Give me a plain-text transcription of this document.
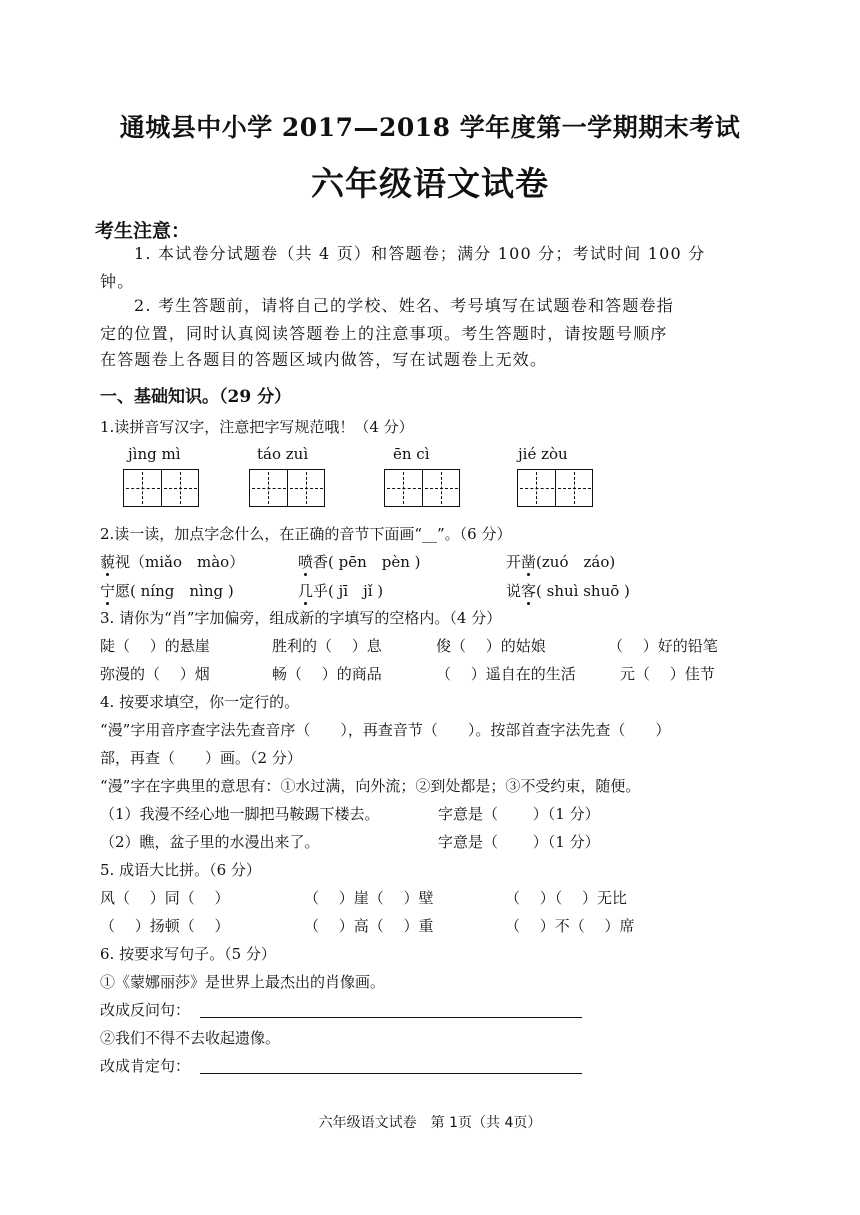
通城县中小学 2017—2018 学年度第一学期期末考试
六年级语文试卷
考生注意：
1. 本试卷分试题卷（共 4 页）和答题卷；满分 100 分；考试时间 100 分
钟。
2. 考生答题前，请将自己的学校、姓名、考号填写在试题卷和答题卷指
定的位置，同时认真阅读答题卷上的注意事项。考生答题时，请按题号顺序
在答题卷上各题目的答题区域内做答，写在试题卷上无效。
一、基础知识。（29 分）
1.读拼音写汉字，注意把字写规范哦！（4 分）
jìng mì	táo zuì	ēn cì	jié zòu
2.读一读，加点字念什么，在正确的音节下面画“__”。（6 分）
藐视（miǎo　mào）	喷香( pēn　pèn )	开凿(zuó　záo)
宁愿( níng　nìng )	几乎( jī　jǐ )	说客( shuì shuō )
3. 请你为“肖”字加偏旁，组成新的字填写的空格内。（4 分）
陡（　 ）的悬崖	胜利的（　 ）息	俊（　 ）的姑娘	（　 ）好的铅笔
弥漫的（　 ）烟	畅（　 ）的商品	（　 ）遥自在的生活	元（　 ）佳节
4. 按要求填空，你一定行的。
“漫”字用音序查字法先查音序（　　），再查音节（　　）。按部首查字法先查（　　）
部，再查（　　）画。（2 分）
“漫”字在字典里的意思有：①水过满，向外流；②到处都是；③不受约束，随便。
（1）我漫不经心地一脚把马鞍踢下楼去。	字意是（　　 ）（1 分）
（2）瞧，盆子里的水漫出来了。	字意是（　　 ）（1 分）
5. 成语大比拼。（6 分）
风（　 ）同（　 ）	（　 ）崖（　 ）壁	（　 ）（　 ）无比
（　 ）扬顿（　 ）	（　 ）高（　 ）重	（　 ）不（　 ）席
6. 按要求写句子。（5 分）
①《蒙娜丽莎》是世界上最杰出的肖像画。
改成反问句：
②我们不得不去收起遗像。
改成肯定句：
六年级语文试卷　第 1页（共 4页）
